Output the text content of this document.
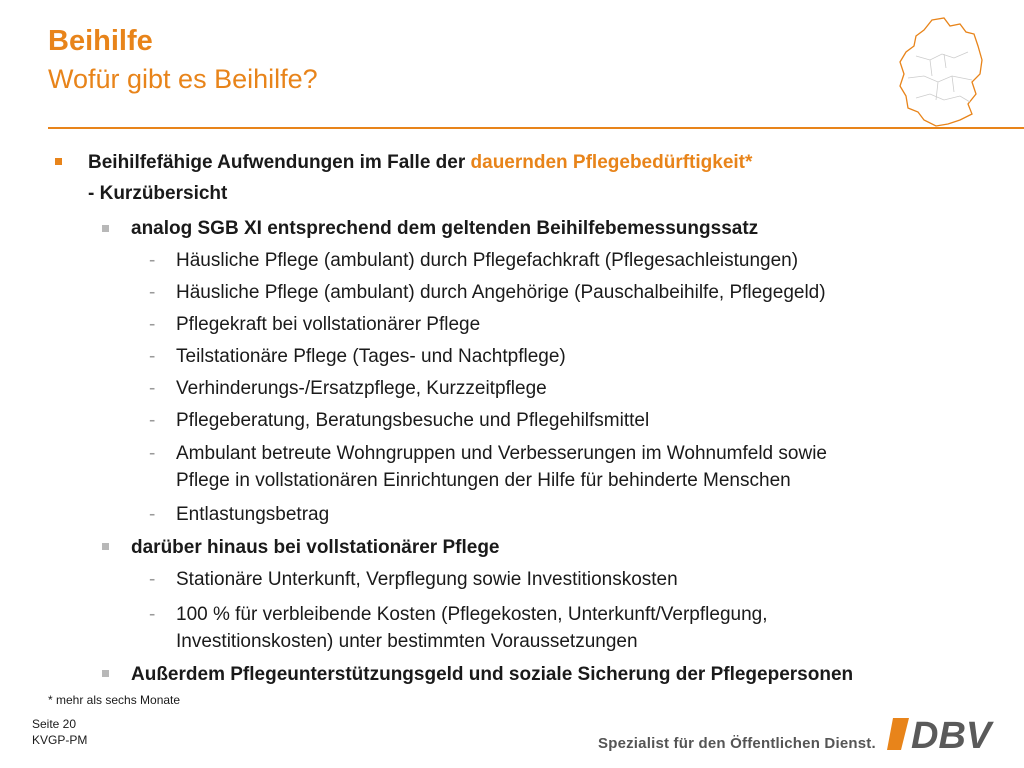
Beihilfe
Wofür gibt es Beihilfe?
Beihilfefähige Aufwendungen im Falle der dauernden Pflegebedürftigkeit*
- Kurzübersicht
analog SGB XI entsprechend dem geltenden Beihilfebemessungssatz
- Häusliche Pflege (ambulant) durch Pflegefachkraft (Pflegesachleistungen)
- Häusliche Pflege (ambulant) durch Angehörige (Pauschalbeihilfe, Pflegegeld)
- Pflegekraft bei vollstationärer Pflege
- Teilstationäre Pflege (Tages- und Nachtpflege)
- Verhinderungs-/Ersatzpflege, Kurzzeitpflege
- Pflegeberatung, Beratungsbesuche und Pflegehilfsmittel
- Ambulant betreute Wohngruppen und Verbesserungen im Wohnumfeld sowie
Pflege in vollstationären Einrichtungen der Hilfe für behinderte Menschen
- Entlastungsbetrag
darüber hinaus bei vollstationärer Pflege
- Stationäre Unterkunft, Verpflegung sowie Investitionskosten
- 100 % für verbleibende Kosten (Pflegekosten, Unterkunft/Verpflegung,
Investitionskosten) unter bestimmten Voraussetzungen
Außerdem Pflegeunterstützungsgeld und soziale Sicherung der Pflegepersonen
* mehr als sechs Monate
Seite 20
KVGP-PM	Spezialist für den Öffentlichen Dienst. DBV
